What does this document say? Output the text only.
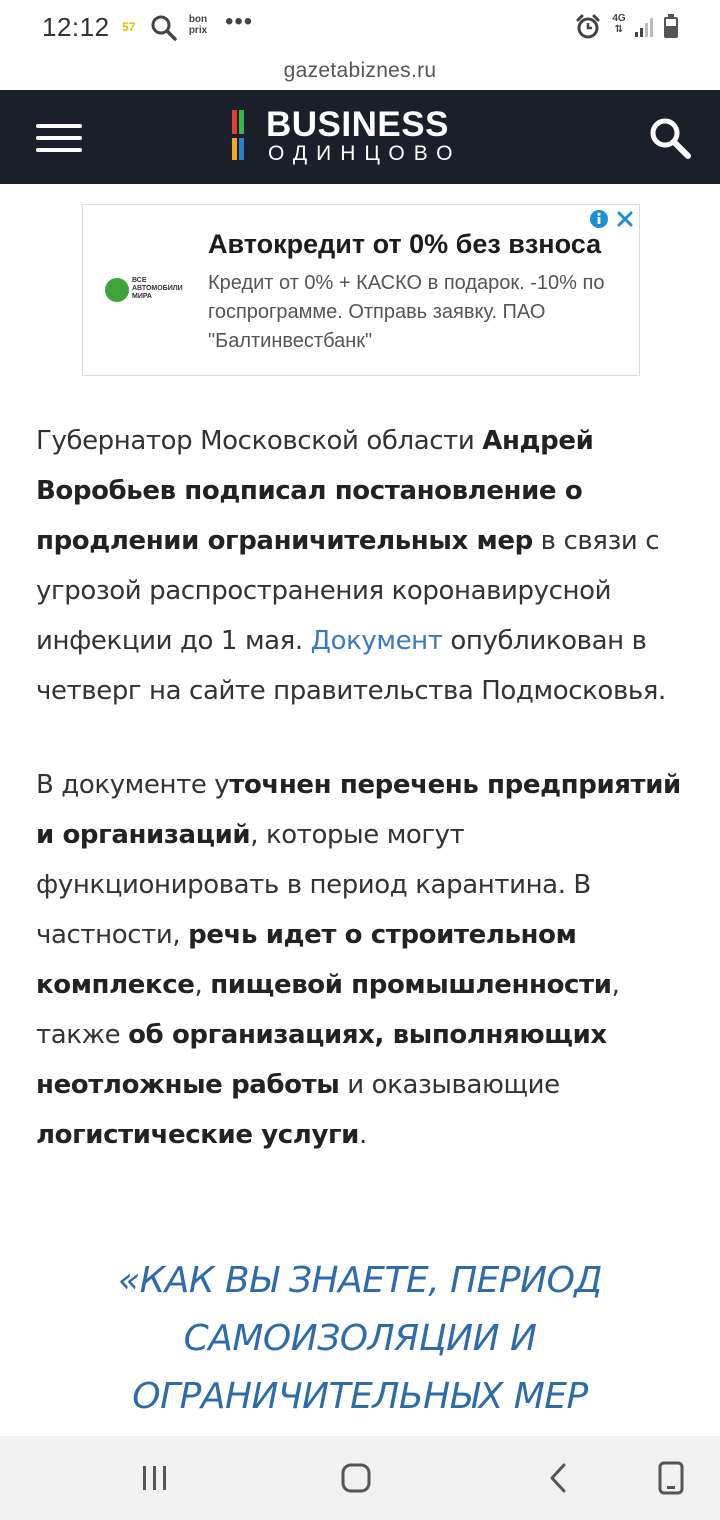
12:12 57
bon
prix •••	4G
⇅
gazetabiznes.ru
BUSINESS
ОДИНЦОВО
ВСЕ
АВТОМОБИЛИ
МИРА
Автокредит от 0% без взноса
Кредит от 0% + КАСКО в подарок. -10% по госпрограмме. Отправь заявку. ПАО "Балтинвестбанк"

Губернатор Московской области Андрей Воробьев подписал постановление о продлении ограничительных мер в связи с угрозой распространения коронавирусной инфекции до 1 мая. Документ опубликован в четверг на сайте правительства Подмосковья.

В документе уточнен перечень предприятий и организаций, которые могут функционировать в период карантина. В частности, речь идет о строительном комплексе, пищевой промышленности, также об организациях, выполняющих неотложные работы и оказывающие логистические услуги.

«КАК ВЫ ЗНАЕТЕ, ПЕРИОД САМОИЗОЛЯЦИИ И ОГРАНИЧИТЕЛЬНЫХ МЕР
